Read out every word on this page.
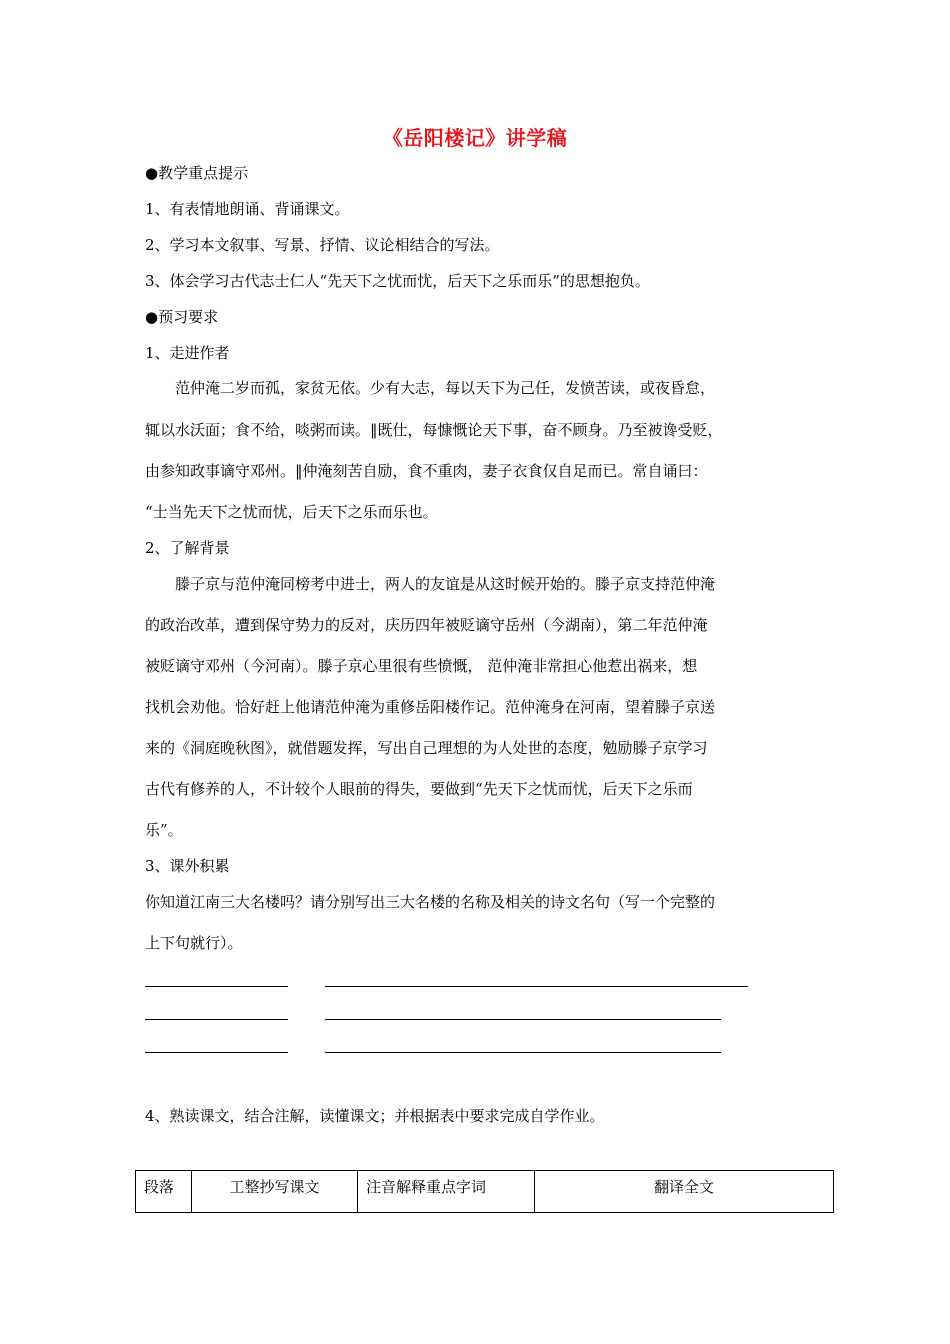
《岳阳楼记》讲学稿
●教学重点提示
1、有表情地朗诵、背诵课文。
2、学习本文叙事、写景、抒情、议论相结合的写法。
3、体会学习古代志士仁人“先天下之忧而忧，后天下之乐而乐”的思想抱负。
●预习要求
1、走进作者
范仲淹二岁而孤，家贫无依。少有大志，每以天下为己任，发愤苦读，或夜昏怠，
辄以水沃面；食不给，啖粥而读。‖既仕，每慷慨论天下事，奋不顾身。乃至被谗受贬，
由参知政事谪守邓州。‖仲淹刻苦自励，食不重肉，妻子衣食仅自足而已。常自诵曰：
“士当先天下之忧而忧，后天下之乐而乐也。
2、了解背景
滕子京与范仲淹同榜考中进士，两人的友谊是从这时候开始的。滕子京支持范仲淹
的政治改革，遭到保守势力的反对，庆历四年被贬谪守岳州（今湖南），第二年范仲淹
被贬谪守邓州（今河南）。滕子京心里很有些愤慨， 范仲淹非常担心他惹出祸来，想
找机会劝他。恰好赶上他请范仲淹为重修岳阳楼作记。范仲淹身在河南，望着滕子京送
来的《洞庭晚秋图》，就借题发挥，写出自己理想的为人处世的态度，勉励滕子京学习
古代有修养的人，不计较个人眼前的得失，要做到“先天下之忧而忧，后天下之乐而
乐”。
3、课外积累
你知道江南三大名楼吗？请分别写出三大名楼的名称及相关的诗文名句（写一个完整的
上下句就行）。
4、熟读课文，结合注解，读懂课文；并根据表中要求完成自学作业。
段落	工整抄写课文	注音解释重点字词	翻译全文
